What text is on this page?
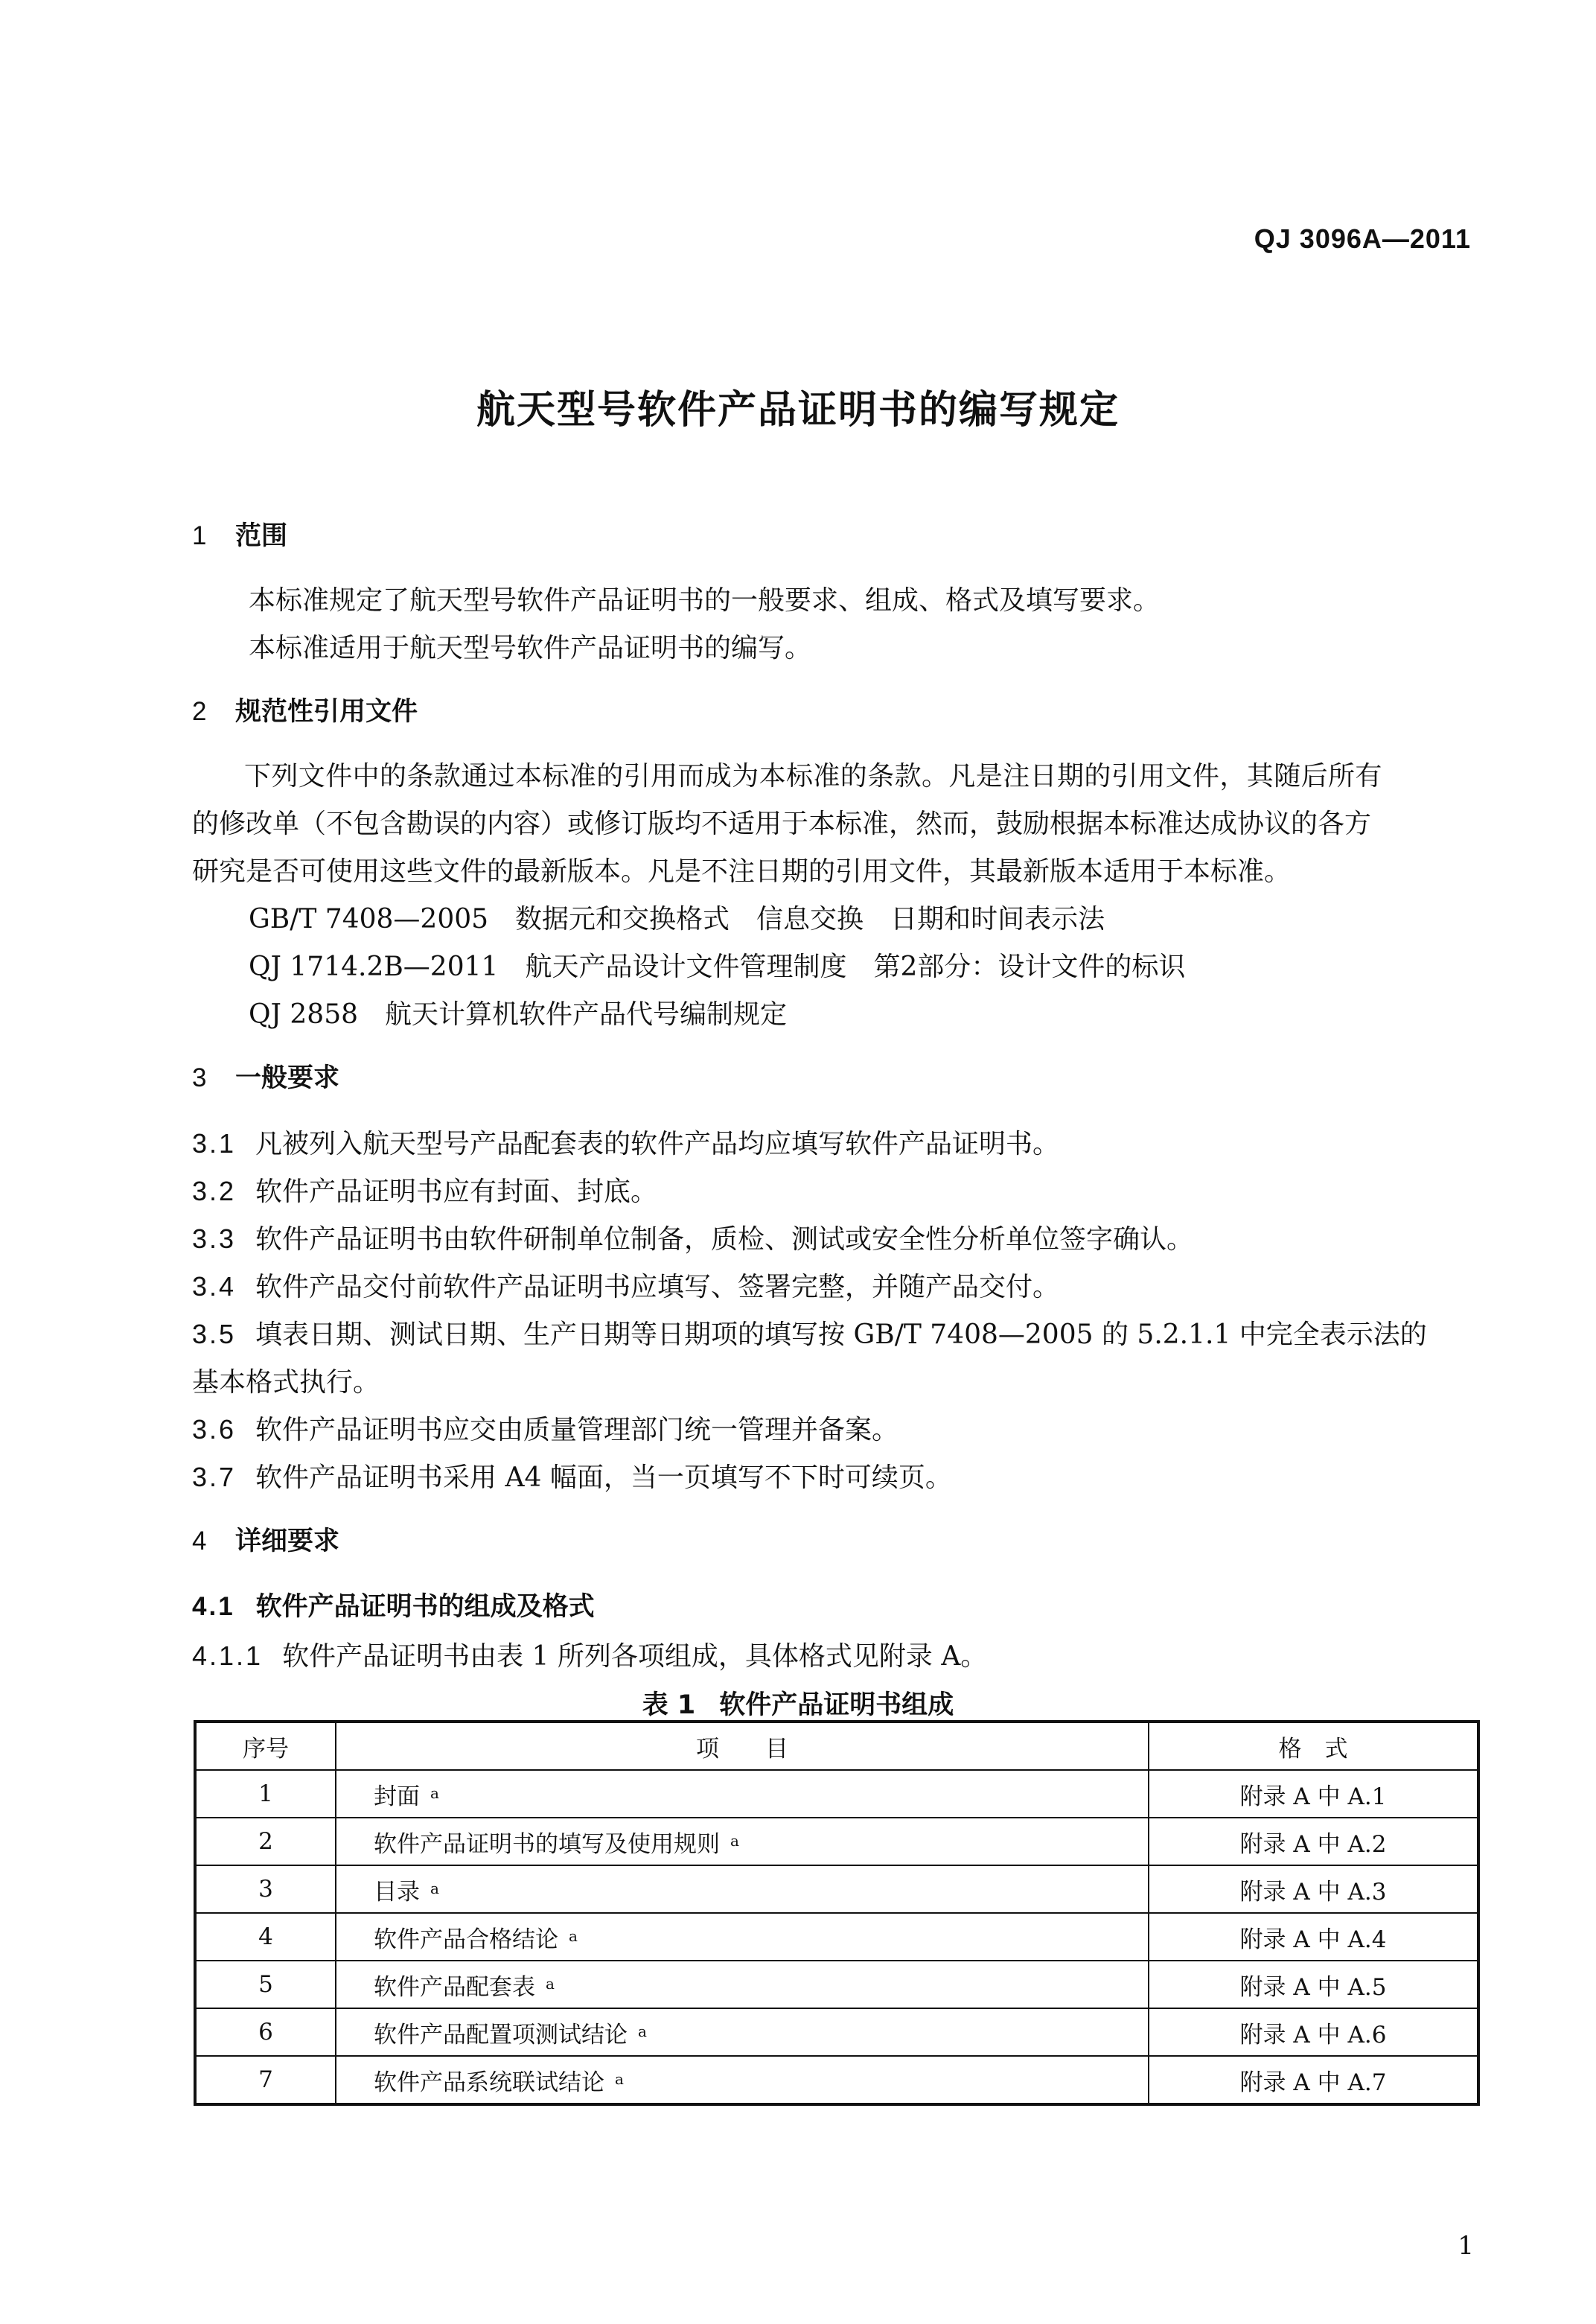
QJ 3096A—2011
航天型号软件产品证明书的编写规定
1 范围
本标准规定了航天型号软件产品证明书的一般要求、组成、格式及填写要求。
本标准适用于航天型号软件产品证明书的编写。
2 规范性引用文件
下列文件中的条款通过本标准的引用而成为本标准的条款。凡是注日期的引用文件，其随后所有
的修改单（不包含勘误的内容）或修订版均不适用于本标准，然而，鼓励根据本标准达成协议的各方
研究是否可使用这些文件的最新版本。凡是不注日期的引用文件，其最新版本适用于本标准。
GB/T 7408—2005 数据元和交换格式 信息交换 日期和时间表示法
QJ 1714.2B—2011 航天产品设计文件管理制度 第2部分：设计文件的标识
QJ 2858 航天计算机软件产品代号编制规定
3 一般要求
3.1 凡被列入航天型号产品配套表的软件产品均应填写软件产品证明书。
3.2 软件产品证明书应有封面、封底。
3.3 软件产品证明书由软件研制单位制备，质检、测试或安全性分析单位签字确认。
3.4 软件产品交付前软件产品证明书应填写、签署完整，并随产品交付。
3.5 填表日期、测试日期、生产日期等日期项的填写按 GB/T 7408—2005 的 5.2.1.1 中完全表示法的
基本格式执行。
3.6 软件产品证明书应交由质量管理部门统一管理并备案。
3.7 软件产品证明书采用 A4 幅面，当一页填写不下时可续页。
4 详细要求
4.1 软件产品证明书的组成及格式
4.1.1 软件产品证明书由表 1 所列各项组成，具体格式见附录 A。
表 1 软件产品证明书组成
序号	项　　目	格　式
1	封面 $^a$	附录 A 中 A.1
2	软件产品证明书的填写及使用规则 $^a$	附录 A 中 A.2
3	目录 $^a$	附录 A 中 A.3
4	软件产品合格结论 $^a$	附录 A 中 A.4
5	软件产品配套表 $^a$	附录 A 中 A.5
6	软件产品配置项测试结论 $^a$	附录 A 中 A.6
7	软件产品系统联试结论 $^a$	附录 A 中 A.7
1
